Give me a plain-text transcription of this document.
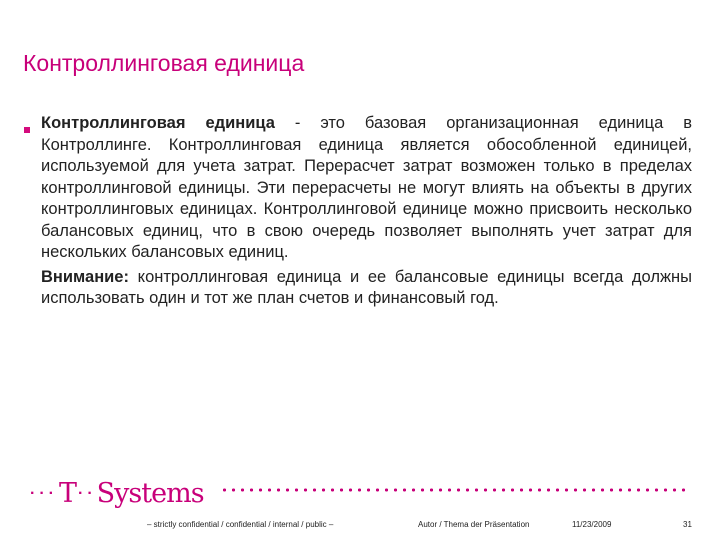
Контроллинговая единица
Контроллинговая единица - это базовая организационная единица в Контроллинге. Контроллинговая единица является обособленной единицей, используемой для учета затрат. Перерасчет затрат возможен только в пределах контроллинговой единицы. Эти перерасчеты не могут влиять на объекты в других контроллинговых единицах. Контроллинговой единице можно присвоить несколько балансовых единиц, что в свою очередь позволяет выполнять учет затрат для нескольких балансовых единиц.
Внимание: контроллинговая единица и ее балансовые единицы всегда должны использовать один и тот же план счетов и финансовый год.
··· T ·· Systems
– strictly confidential / confidential / internal / public –	Autor / Thema der Präsentation	11/23/2009	31
